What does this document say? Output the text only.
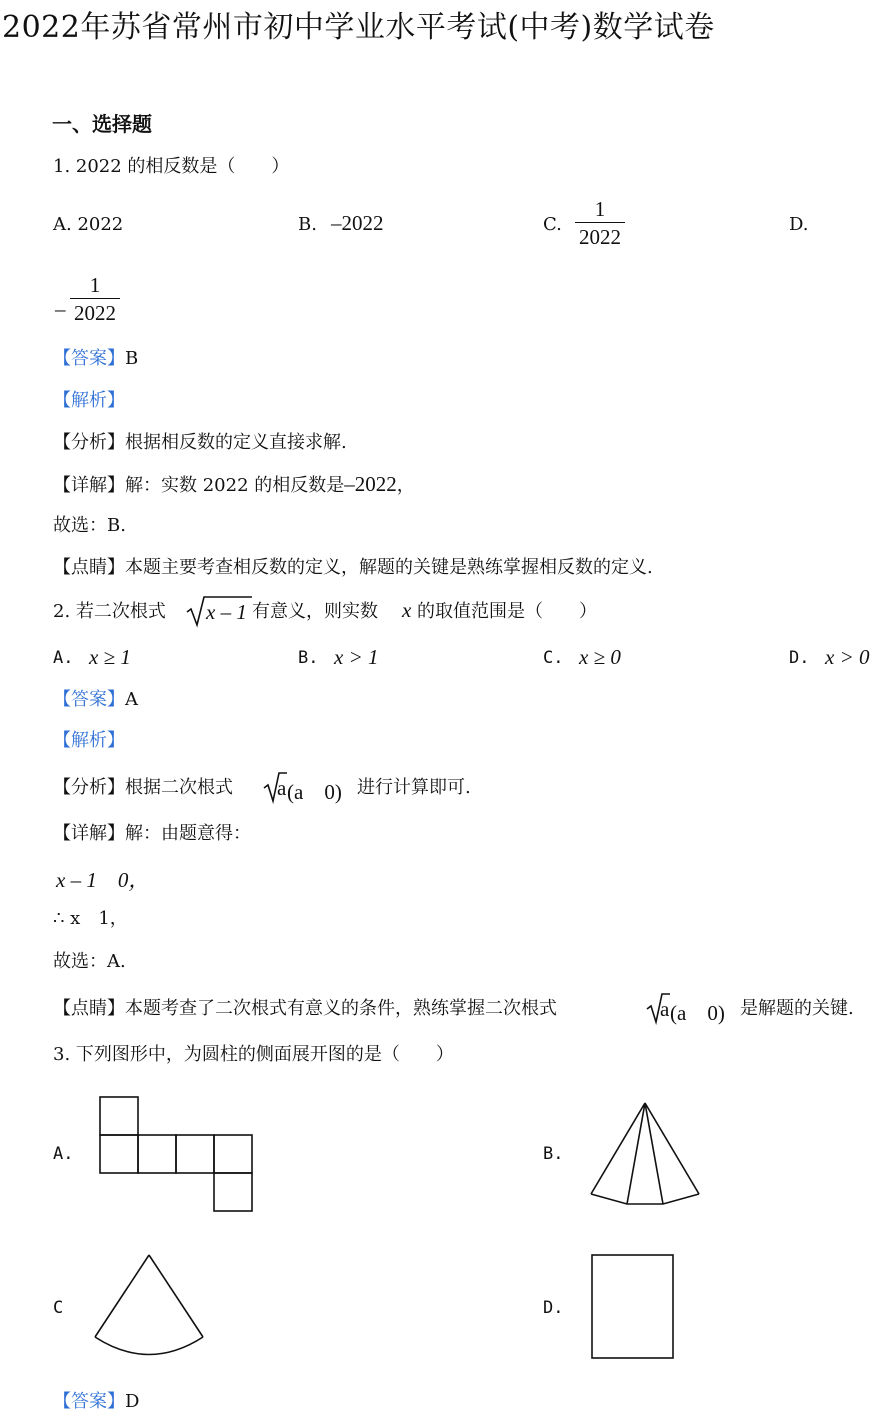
2022年苏省常州市初中学业水平考试(中考)数学试卷
一、选择题
1. 2022 的相反数是（　　）
A. 2022	B. –2022	C. $\frac{1}{2022}$	D.
– $\frac{1}{2022}$
【答案】B
【解析】
【分析】根据相反数的定义直接求解.
【详解】解：实数 2022 的相反数是–2022，
故选：B.
【点睛】本题主要考查相反数的定义，解题的关键是熟练掌握相反数的定义.
2. 若二次根式 x – 1 有意义，则实数 x 的取值范围是（　　）
A. x ≥ 1	B. x > 1	C. x ≥ 0	D. x > 0
【答案】A
【解析】
【分析】根据二次根式 a (a　0) 进行计算即可.
【详解】解：由题意得：
x – 1　0，
∴ x　1，
故选：A.
【点睛】本题考查了二次根式有意义的条件，熟练掌握二次根式	a (a　0) 是解题的关键.
3. 下列图形中，为圆柱的侧面展开图的是（　　）
A.	B.
C	D.
【答案】D
